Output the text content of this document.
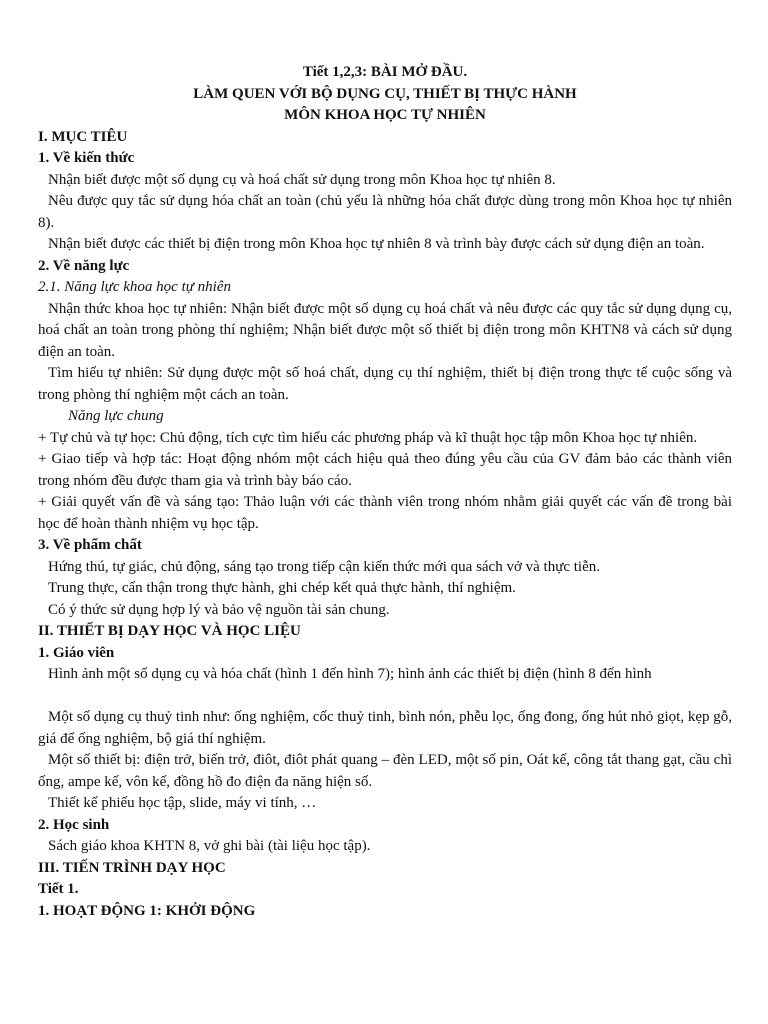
Tiết 1,2,3: BÀI MỞ ĐẦU.

LÀM QUEN VỚI BỘ DỤNG CỤ, THIẾT BỊ THỰC HÀNH

MÔN KHOA HỌC TỰ NHIÊN

I. MỤC TIÊU

1. Về kiến thức

Nhận biết được một số dụng cụ và hoá chất sử dụng trong môn Khoa học tự nhiên 8.

Nêu được quy tắc sử dụng hóa chất an toàn (chủ yếu là những hóa chất được dùng trong môn Khoa học tự nhiên 8).

Nhận biết được các thiết bị điện trong môn Khoa học tự nhiên 8 và trình bày được cách sử dụng điện an toàn.

2. Về năng lực

2.1. Năng lực khoa học tự nhiên

Nhận thức khoa học tự nhiên: Nhận biết được một số dụng cụ hoá chất và nêu được các quy tắc sử dụng dụng cụ, hoá chất an toàn trong phòng thí nghiệm; Nhận biết được một số thiết bị điện trong môn KHTN8 và cách sử dụng điện an toàn.

Tìm hiểu tự nhiên: Sử dụng được một số hoá chất, dụng cụ thí nghiệm, thiết bị điện trong thực tế cuộc sống và trong phòng thí nghiệm một cách an toàn.

Năng lực chung

+ Tự chủ và tự học: Chủ động, tích cực tìm hiểu các phương pháp và kĩ thuật học tập môn Khoa học tự nhiên.

+ Giao tiếp và hợp tác: Hoạt động nhóm một cách hiệu quả theo đúng yêu cầu của GV đảm bảo các thành viên trong nhóm đều được tham gia và trình bày báo cáo.

+ Giải quyết vấn đề và sáng tạo: Thảo luận với các thành viên trong nhóm nhằm giải quyết các vấn đề trong bài học để hoàn thành nhiệm vụ học tập.

3. Về phẩm chất

Hứng thú, tự giác, chủ động, sáng tạo trong tiếp cận kiến thức mới qua sách vở và thực tiễn.

Trung thực, cẩn thận trong thực hành, ghi chép kết quả thực hành, thí nghiệm.

Có ý thức sử dụng hợp lý và bảo vệ nguồn tài sản chung.

II. THIẾT BỊ DẠY HỌC VÀ HỌC LIỆU

1. Giáo viên

Hình ảnh một số dụng cụ và hóa chất (hình 1 đến hình 7); hình ảnh các thiết bị điện (hình 8 đến hình

Một số dụng cụ thuỷ tinh như: ống nghiệm, cốc thuỷ tinh, bình nón, phễu lọc, ống đong, ống hút nhỏ giọt, kẹp gỗ, giá để ống nghiệm, bộ giá thí nghiệm.

Một số thiết bị: điện trở, biến trở, điôt, điôt phát quang – đèn LED, một số pin, Oát kế, công tắt thang gạt, cầu chì ống, ampe kế, vôn kế, đồng hồ đo điện đa năng hiện số.

Thiết kế phiếu học tập, slide, máy vi tính, …

2. Học sinh

Sách giáo khoa KHTN 8, vở ghi bài (tài liệu học tập).

III. TIẾN TRÌNH DẠY HỌC

Tiết 1.

1. HOẠT ĐỘNG 1: KHỞI ĐỘNG
